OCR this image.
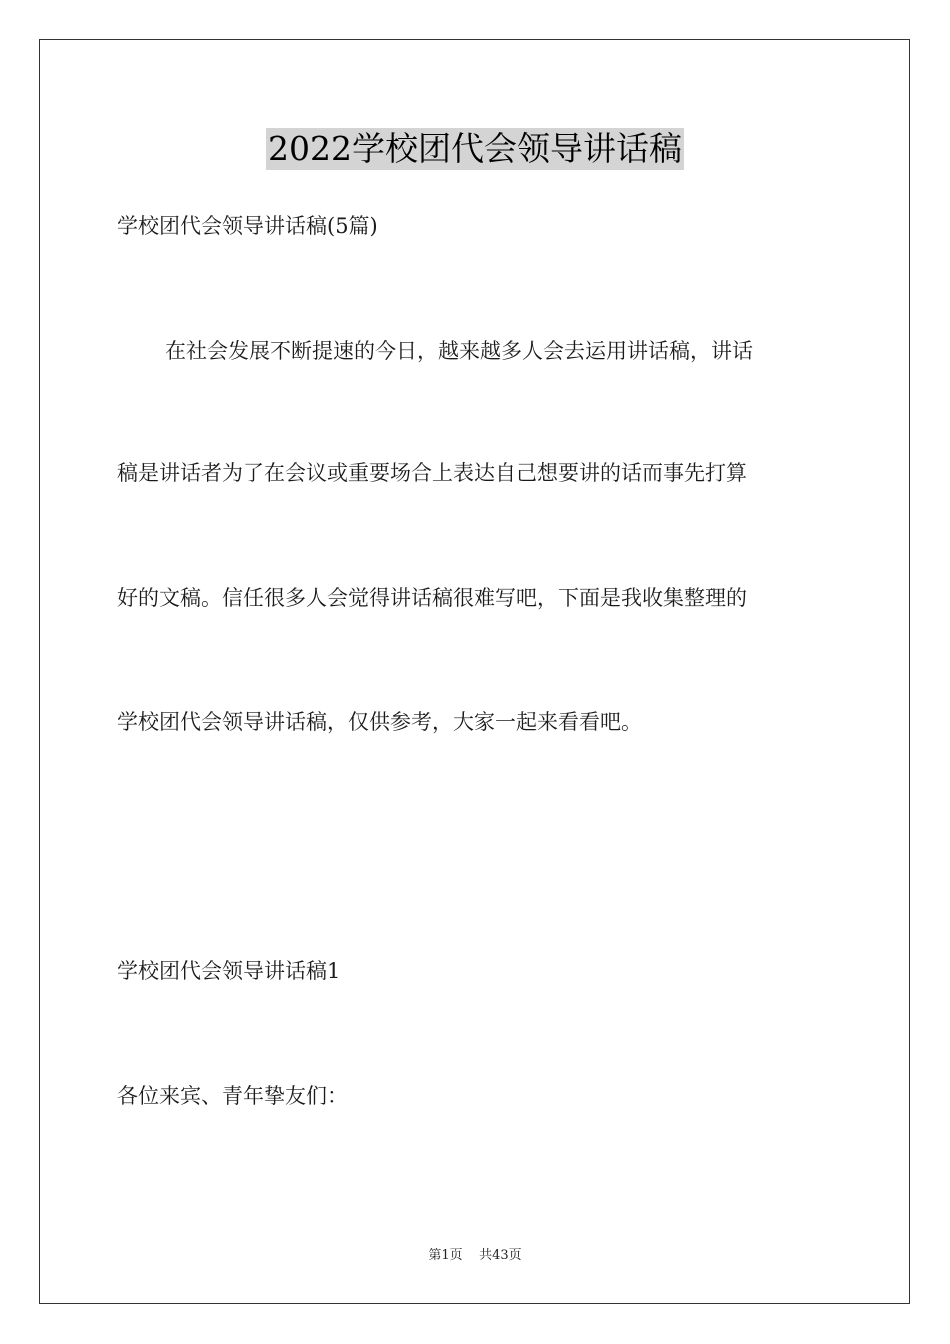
2022学校团代会领导讲话稿
学校团代会领导讲话稿(5篇)
在社会发展不断提速的今日，越来越多人会去运用讲话稿，讲话
稿是讲话者为了在会议或重要场合上表达自己想要讲的话而事先打算
好的文稿。信任很多人会觉得讲话稿很难写吧，下面是我收集整理的
学校团代会领导讲话稿，仅供参考，大家一起来看看吧。
学校团代会领导讲话稿1
各位来宾、青年挚友们：
第1页 共43页
